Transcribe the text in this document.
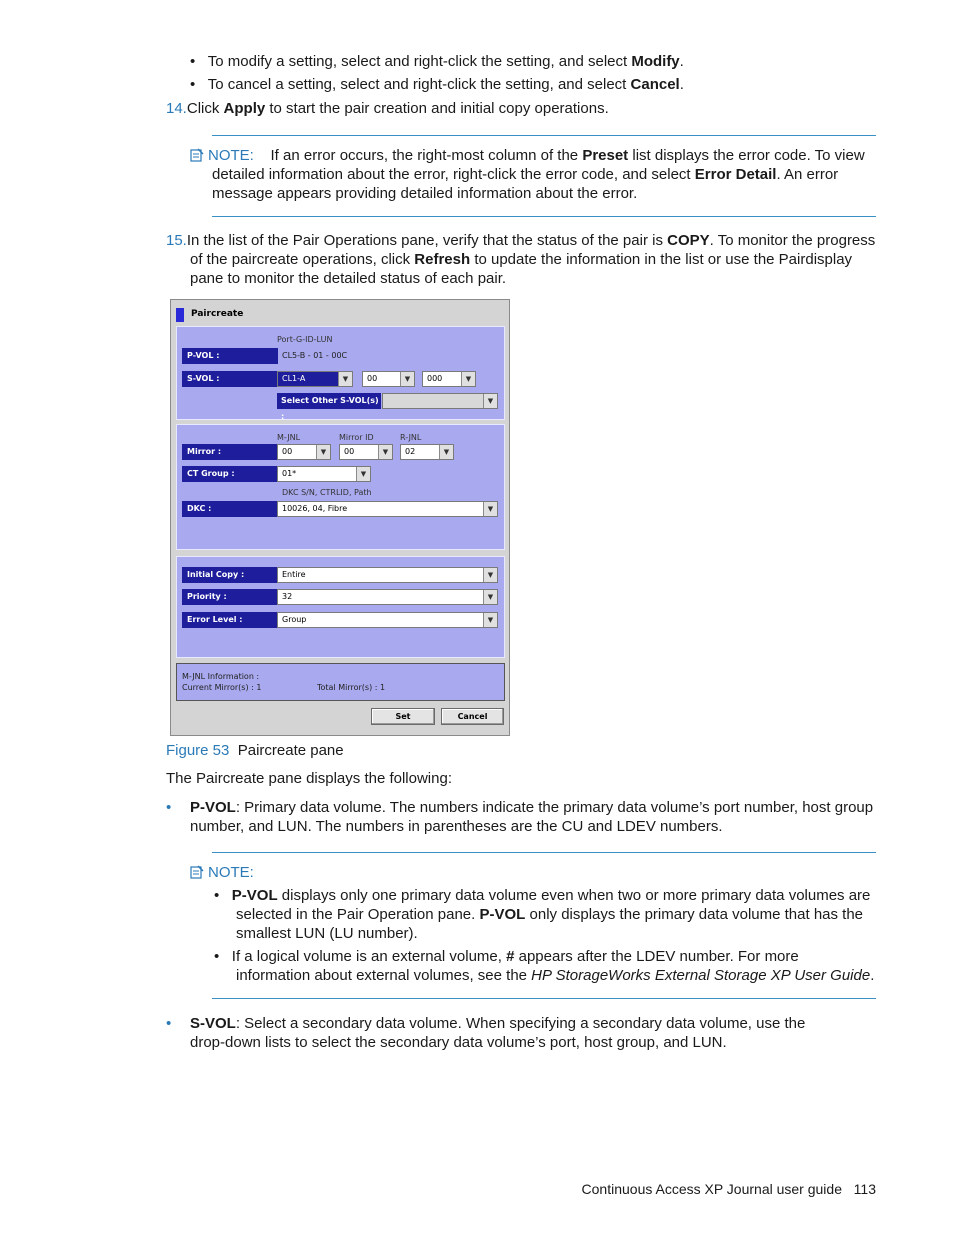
• To modify a setting, select and right-click the setting, and select Modify.
• To cancel a setting, select and right-click the setting, and select Cancel.
14.Click Apply to start the pair creation and initial copy operations.
NOTE: If an error occurs, the right-most column of the Preset list displays the error code. To view
detailed information about the error, right-click the error code, and select Error Detail. An error
message appears providing detailed information about the error.
15.In the list of the Pair Operations pane, verify that the status of the pair is COPY. To monitor the progress
of the paircreate operations, click Refresh to update the information in the list or use the Pairdisplay
pane to monitor the detailed status of each pair.
Paircreate
Port-G-ID-LUN
P-VOL :	CL5-B - 01 - 00C
S-VOL :	CL1-A	▼	00	▼	000	▼
Select Other S-VOL(s) :
▼
M-JNL	Mirror ID	R-JNL
Mirror :	00	▼	00	▼	02	▼
CT Group :	01*	▼
DKC S/N, CTRLID, Path
DKC :	10026, 04, Fibre	▼
Initial Copy :	Entire	▼
Priority :	32	▼
Error Level :	Group	▼
M-JNL Information :
Current Mirror(s) : 1	Total Mirror(s) : 1
Set	Cancel
Figure 53 Paircreate pane
The Paircreate pane displays the following:
• P-VOL: Primary data volume. The numbers indicate the primary data volume’s port number, host group
number, and LUN. The numbers in parentheses are the CU and LDEV numbers.
NOTE:
• P-VOL displays only one primary data volume even when two or more primary data volumes are
selected in the Pair Operation pane. P-VOL only displays the primary data volume that has the
smallest LUN (LU number).
• If a logical volume is an external volume, # appears after the LDEV number. For more
information about external volumes, see the HP StorageWorks External Storage XP User Guide.
• S-VOL: Select a secondary data volume. When specifying a secondary data volume, use the
drop-down lists to select the secondary data volume’s port, host group, and LUN.
Continuous Access XP Journal user guide 113
